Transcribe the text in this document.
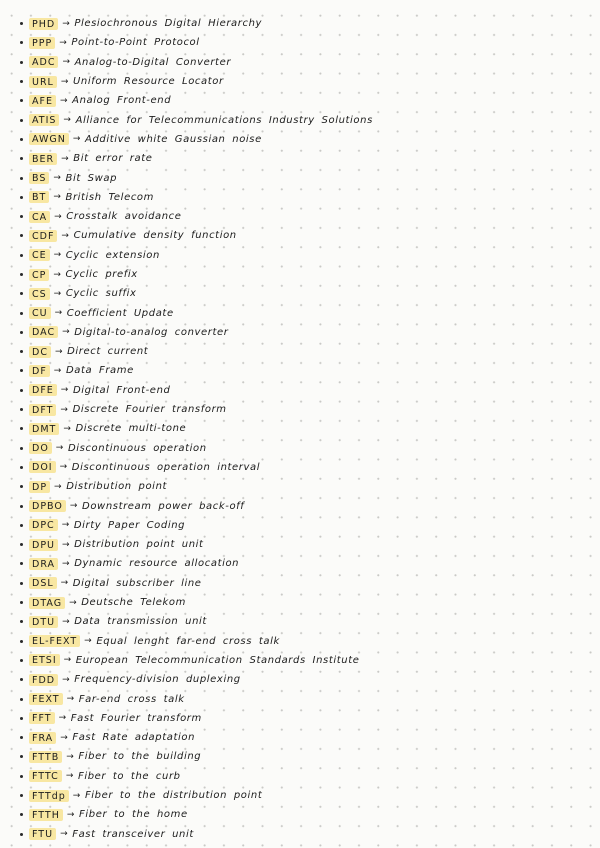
PHD → Plesiochronous Digital Hierarchy
PPP → Point-to-Point Protocol
ADC → Analog-to-Digital Converter
URL → Uniform Resource Locator
AFE → Analog Front-end
ATIS → Alliance for Telecommunications Industry Solutions
AWGN → Additive white Gaussian noise
BER → Bit error rate
BS → Bit Swap
BT → British Telecom
CA → Crosstalk avoidance
CDF → Cumulative density function
CE → Cyclic extension
CP → Cyclic prefix
CS → Cyclic suffix
CU → Coefficient Update
DAC → Digital-to-analog converter
DC → Direct current
DF → Data Frame
DFE → Digital Front-end
DFT → Discrete Fourier transform
DMT → Discrete multi-tone
DO → Discontinuous operation
DOI → Discontinuous operation interval
DP → Distribution point
DPBO → Downstream power back-off
DPC → Dirty Paper Coding
DPU → Distribution point unit
DRA → Dynamic resource allocation
DSL → Digital subscriber line
DTAG → Deutsche Telekom
DTU → Data transmission unit
EL-FEXT → Equal lenght far-end cross talk
ETSI → European Telecommunication Standards Institute
FDD → Frequency-division duplexing
FEXT → Far-end cross talk
FFT → Fast Fourier transform
FRA → Fast Rate adaptation
FTTB → Fiber to the building
FTTC → Fiber to the curb
FTTdp → Fiber to the distribution point
FTTH → Fiber to the home
FTU → Fast transceiver unit
